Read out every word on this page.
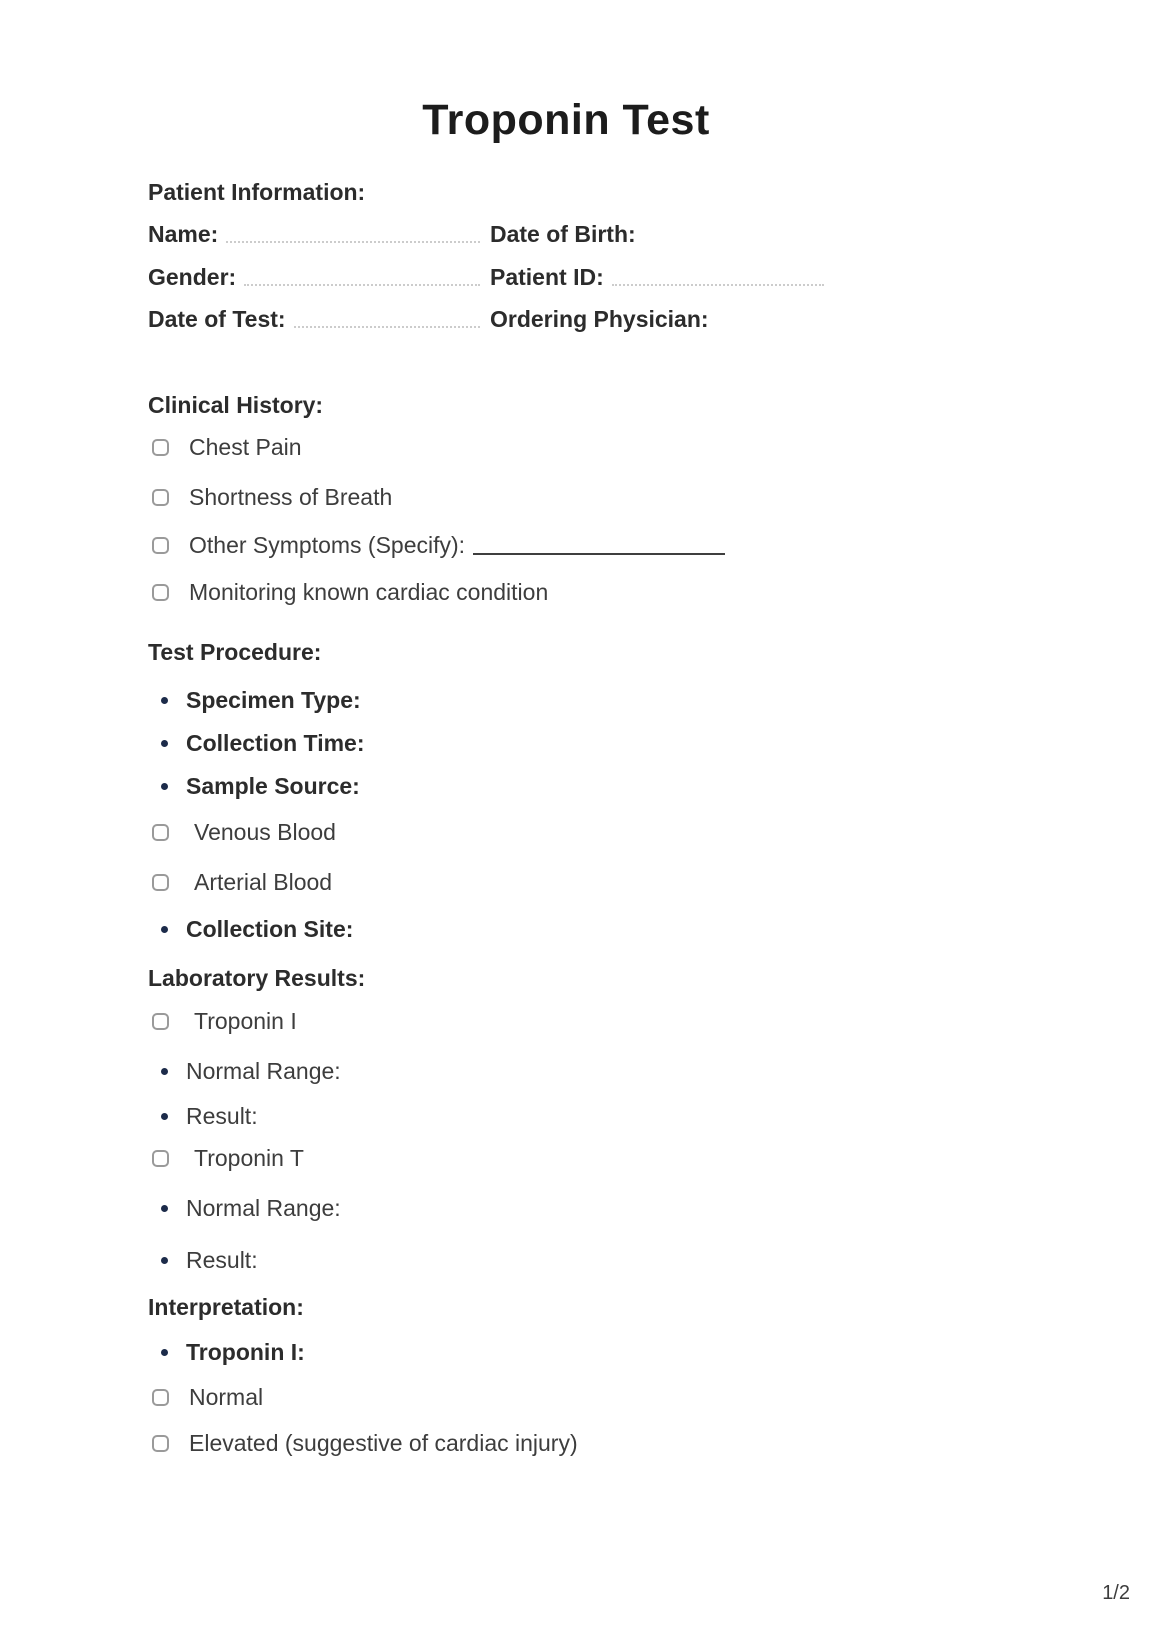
Troponin Test
Patient Information:
Name:	Date of Birth:
Gender:	Patient ID:
Date of Test:	Ordering Physician:
Clinical History:
Chest Pain
Shortness of Breath
Other Symptoms (Specify):
Monitoring known cardiac condition
Test Procedure:
Specimen Type:
Collection Time:
Sample Source:
Venous Blood
Arterial Blood
Collection Site:
Laboratory Results:
Troponin I
Normal Range:
Result:
Troponin T
Normal Range:
Result:
Interpretation:
Troponin I:
Normal
Elevated (suggestive of cardiac injury)
1/2
